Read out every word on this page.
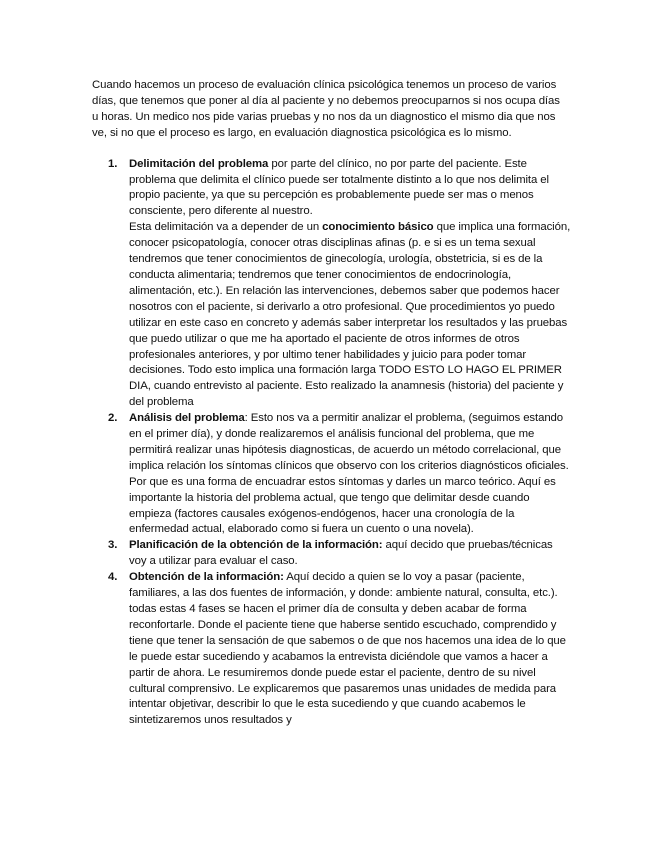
Cuando hacemos un proceso de evaluación clínica psicológica tenemos un proceso de varios días, que tenemos que poner al día al paciente y no debemos preocuparnos si nos ocupa días u horas. Un medico nos pide varias pruebas y no nos da un diagnostico el mismo dia que nos ve, si no que el proceso es largo, en evaluación diagnostica psicológica es lo mismo.

1. Delimitación del problema por parte del clínico, no por parte del paciente. Este problema que delimita el clínico puede ser totalmente distinto a lo que nos delimita el propio paciente, ya que su percepción es probablemente puede ser mas o menos consciente, pero diferente al nuestro.

Esta delimitación va a depender de un conocimiento básico que implica una formación, conocer psicopatología, conocer otras disciplinas afinas (p. e si es un tema sexual tendremos que tener conocimientos de ginecología, urología, obstetricia, si es de la conducta alimentaria; tendremos que tener conocimientos de endocrinología, alimentación, etc.). En relación las intervenciones, debemos saber que podemos hacer nosotros con el paciente, si derivarlo a otro profesional. Que procedimientos yo puedo utilizar en este caso en concreto y además saber interpretar los resultados y las pruebas que puedo utilizar o que me ha aportado el paciente de otros informes de otros profesionales anteriores, y por ultimo tener habilidades y juicio para poder tomar decisiones. Todo esto implica una formación larga TODO ESTO LO HAGO EL PRIMER DIA, cuando entrevisto al paciente. Esto realizado la anamnesis (historia) del paciente y del problema

2. Análisis del problema: Esto nos va a permitir analizar el problema, (seguimos estando en el primer día), y donde realizaremos el análisis funcional del problema, que me permitirá realizar unas hipótesis diagnosticas, de acuerdo un método correlacional, que implica relación los síntomas clínicos que observo con los criterios diagnósticos oficiales. Por que es una forma de encuadrar estos síntomas y darles un marco teórico. Aquí es importante la historia del problema actual, que tengo que delimitar desde cuando empieza (factores causales exógenos-endógenos, hacer una cronología de la enfermedad actual, elaborado como si fuera un cuento o una novela).

3. Planificación de la obtención de la información: aquí decido que pruebas/técnicas voy a utilizar para evaluar el caso.

4. Obtención de la información: Aquí decido a quien se lo voy a pasar (paciente, familiares, a las dos fuentes de información, y donde: ambiente natural, consulta, etc.). todas estas 4 fases se hacen el primer día de consulta y deben acabar de forma reconfortarle. Donde el paciente tiene que haberse sentido escuchado, comprendido y tiene que tener la sensación de que sabemos o de que nos hacemos una idea de lo que le puede estar sucediendo y acabamos la entrevista diciéndole que vamos a hacer a partir de ahora. Le resumiremos donde puede estar el paciente, dentro de su nivel cultural comprensivo. Le explicaremos que pasaremos unas unidades de medida para intentar objetivar, describir lo que le esta sucediendo y que cuando acabemos le sintetizaremos unos resultados y
